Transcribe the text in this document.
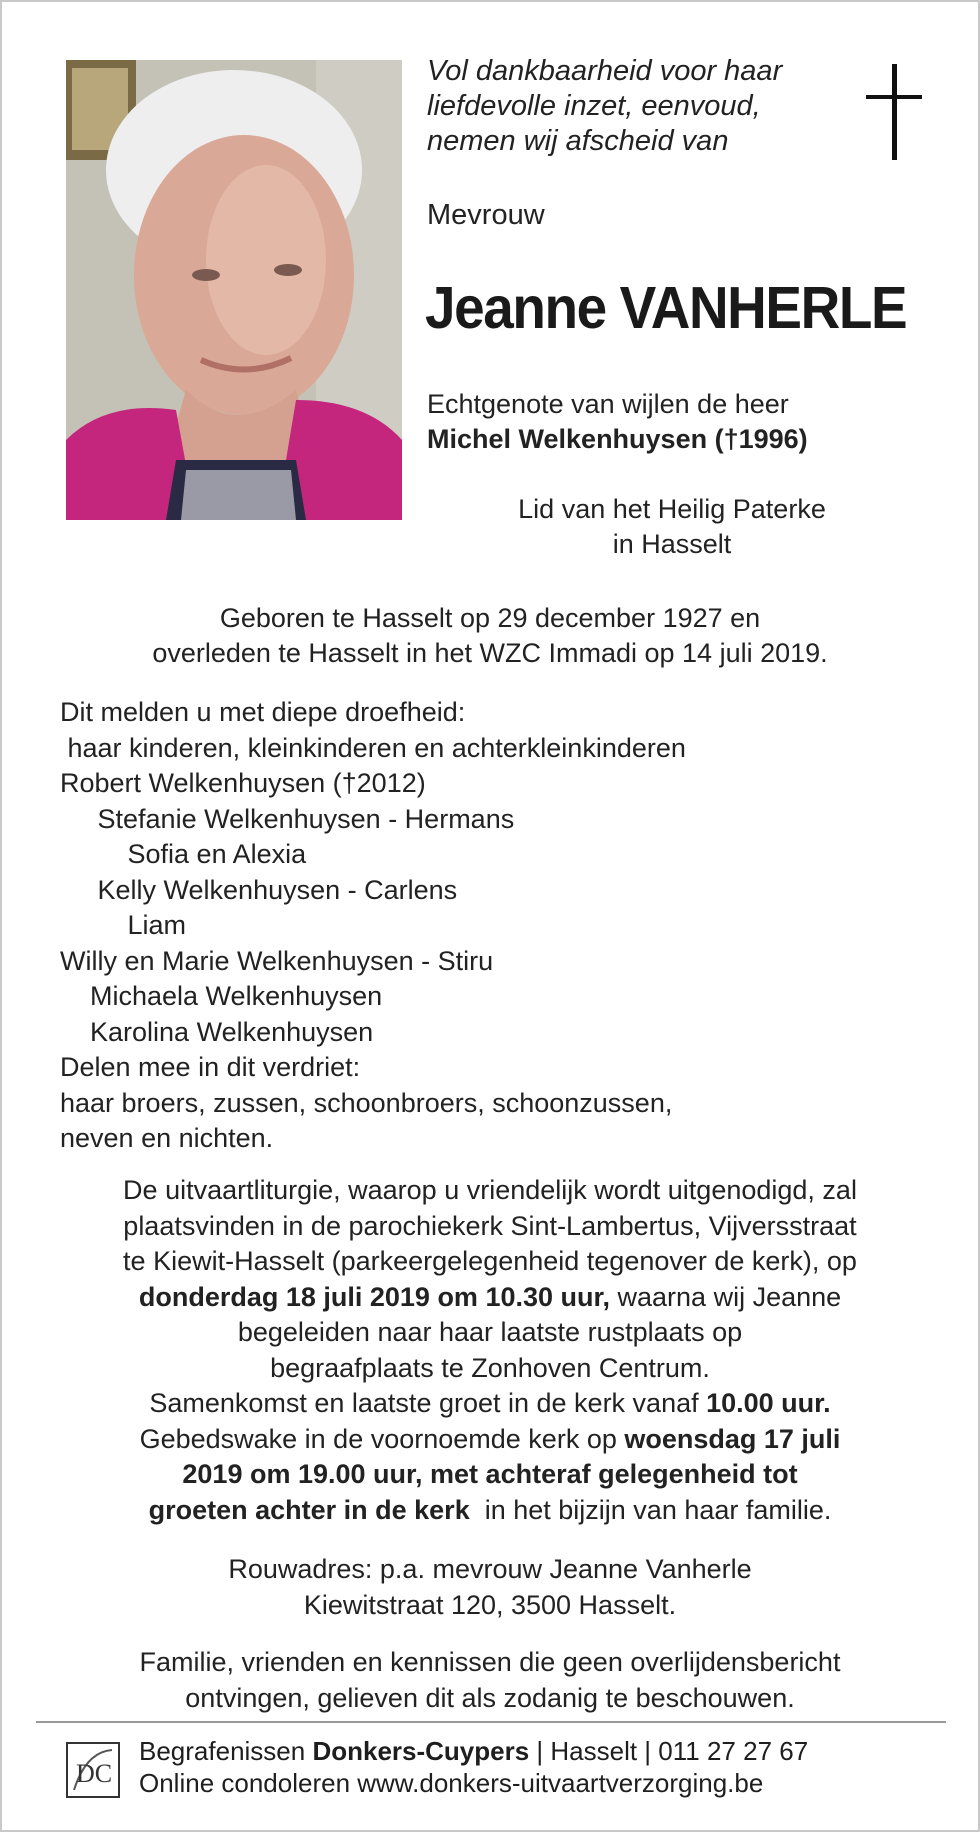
Vol dankbaarheid voor haar
liefdevolle inzet, eenvoud,
nemen wij afscheid van
Mevrouw
Jeanne VANHERLE
Echtgenote van wijlen de heer
Michel Welkenhuysen (†1996)
Lid van het Heilig Paterke
in Hasselt
Geboren te Hasselt op 29 december 1927 en
overleden te Hasselt in het WZC Immadi op 14 juli 2019.
Dit melden u met diepe droefheid:
haar kinderen, kleinkinderen en achterkleinkinderen
Robert Welkenhuysen (†2012)
Stefanie Welkenhuysen - Hermans
Sofia en Alexia
Kelly Welkenhuysen - Carlens
Liam
Willy en Marie Welkenhuysen - Stiru
Michaela Welkenhuysen
Karolina Welkenhuysen
Delen mee in dit verdriet:
haar broers, zussen, schoonbroers, schoonzussen,
neven en nichten.
De uitvaartliturgie, waarop u vriendelijk wordt uitgenodigd, zal
plaatsvinden in de parochiekerk Sint-Lambertus, Vijversstraat
te Kiewit-Hasselt (parkeergelegenheid tegenover de kerk), op
donderdag 18 juli 2019 om 10.30 uur, waarna wij Jeanne
begeleiden naar haar laatste rustplaats op
begraafplaats te Zonhoven Centrum.
Samenkomst en laatste groet in de kerk vanaf 10.00 uur.
Gebedswake in de voornoemde kerk op woensdag 17 juli
2019 om 19.00 uur, met achteraf gelegenheid tot
groeten achter in de kerk  in het bijzijn van haar familie.
Rouwadres: p.a. mevrouw Jeanne Vanherle
Kiewitstraat 120, 3500 Hasselt.
Familie, vrienden en kennissen die geen overlijdensbericht
ontvingen, gelieven dit als zodanig te beschouwen.
DC
Begrafenissen Donkers-Cuypers | Hasselt | 011 27 27 67
Online condoleren www.donkers-uitvaartverzorging.be
